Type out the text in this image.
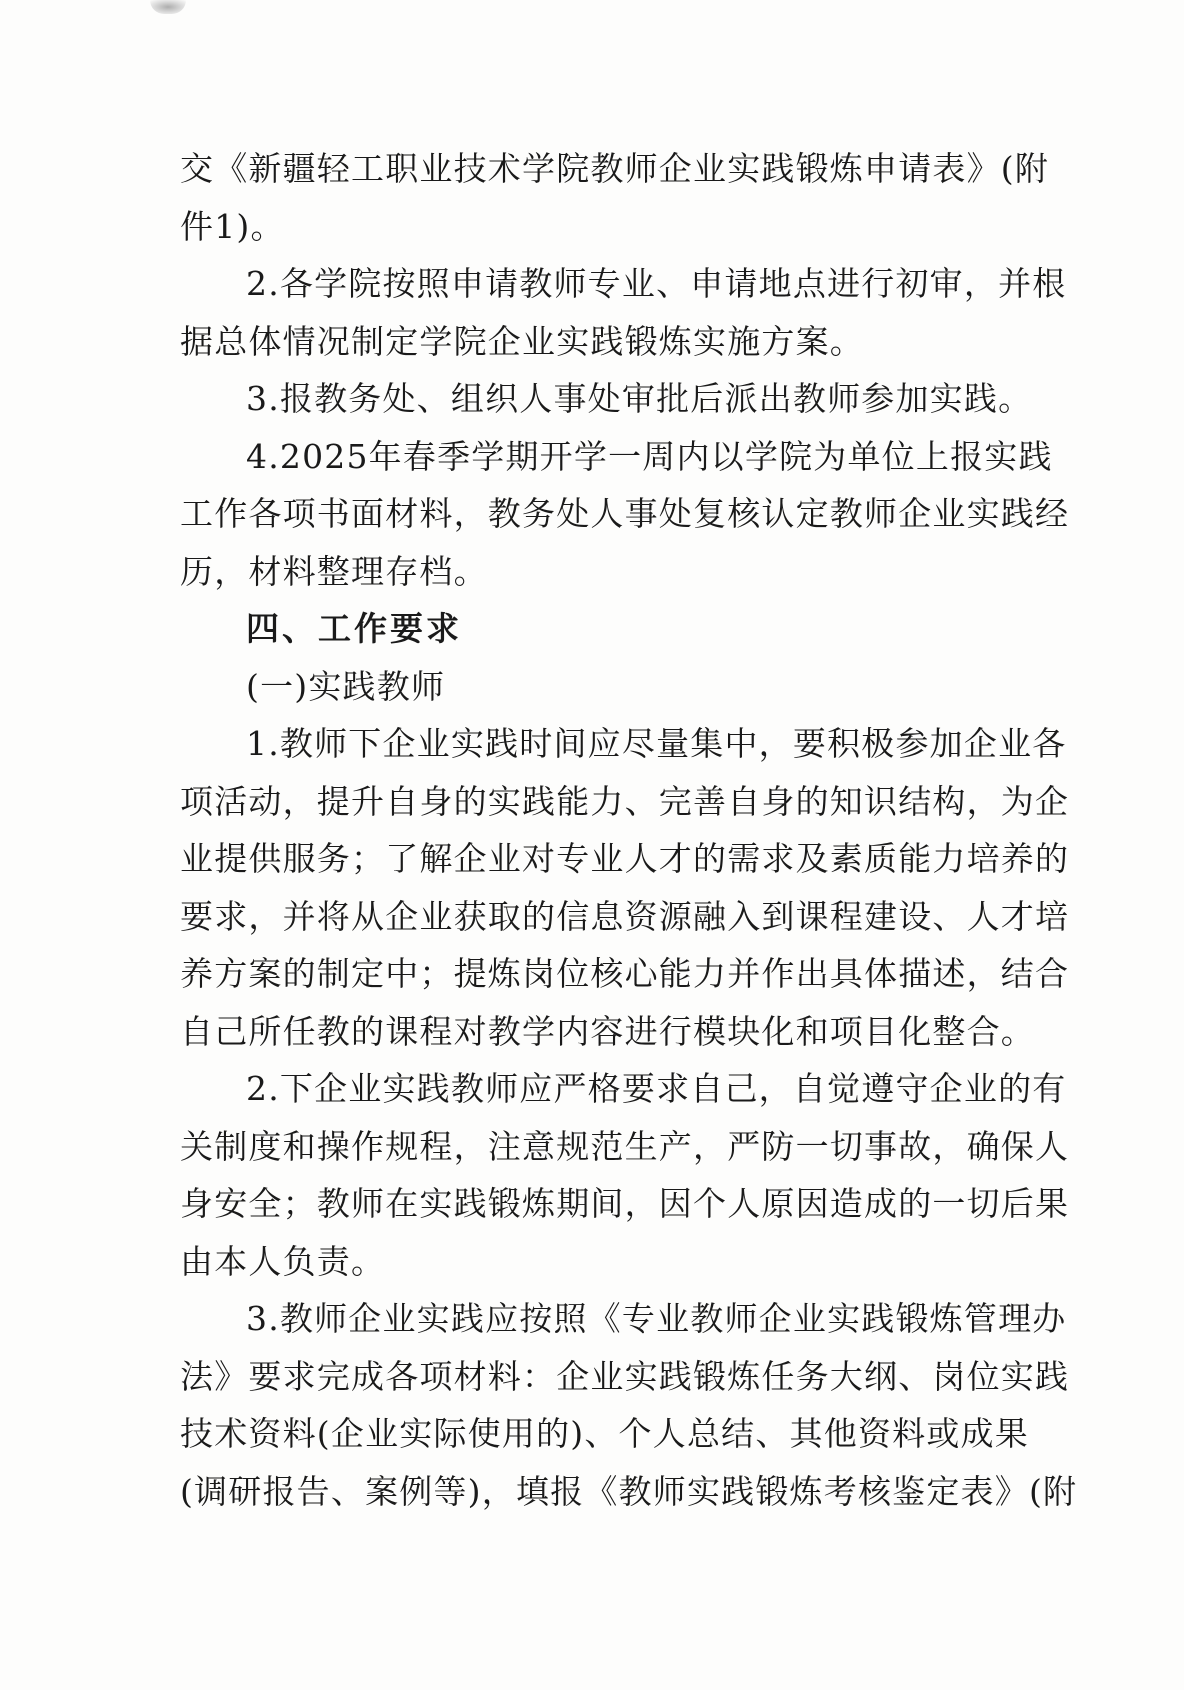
交《新疆轻工职业技术学院教师企业实践锻炼申请表》(附
件1)。
2.各学院按照申请教师专业、申请地点进行初审，并根
据总体情况制定学院企业实践锻炼实施方案。
3.报教务处、组织人事处审批后派出教师参加实践。
4.2025年春季学期开学一周内以学院为单位上报实践
工作各项书面材料，教务处人事处复核认定教师企业实践经
历，材料整理存档。
四、工作要求
(一)实践教师
1.教师下企业实践时间应尽量集中，要积极参加企业各
项活动，提升自身的实践能力、完善自身的知识结构，为企
业提供服务；了解企业对专业人才的需求及素质能力培养的
要求，并将从企业获取的信息资源融入到课程建设、人才培
养方案的制定中；提炼岗位核心能力并作出具体描述，结合
自己所任教的课程对教学内容进行模块化和项目化整合。
2.下企业实践教师应严格要求自己，自觉遵守企业的有
关制度和操作规程，注意规范生产，严防一切事故，确保人
身安全；教师在实践锻炼期间，因个人原因造成的一切后果
由本人负责。
3.教师企业实践应按照《专业教师企业实践锻炼管理办
法》要求完成各项材料：企业实践锻炼任务大纲、岗位实践
技术资料(企业实际使用的)、个人总结、其他资料或成果
(调研报告、案例等)，填报《教师实践锻炼考核鉴定表》(附
